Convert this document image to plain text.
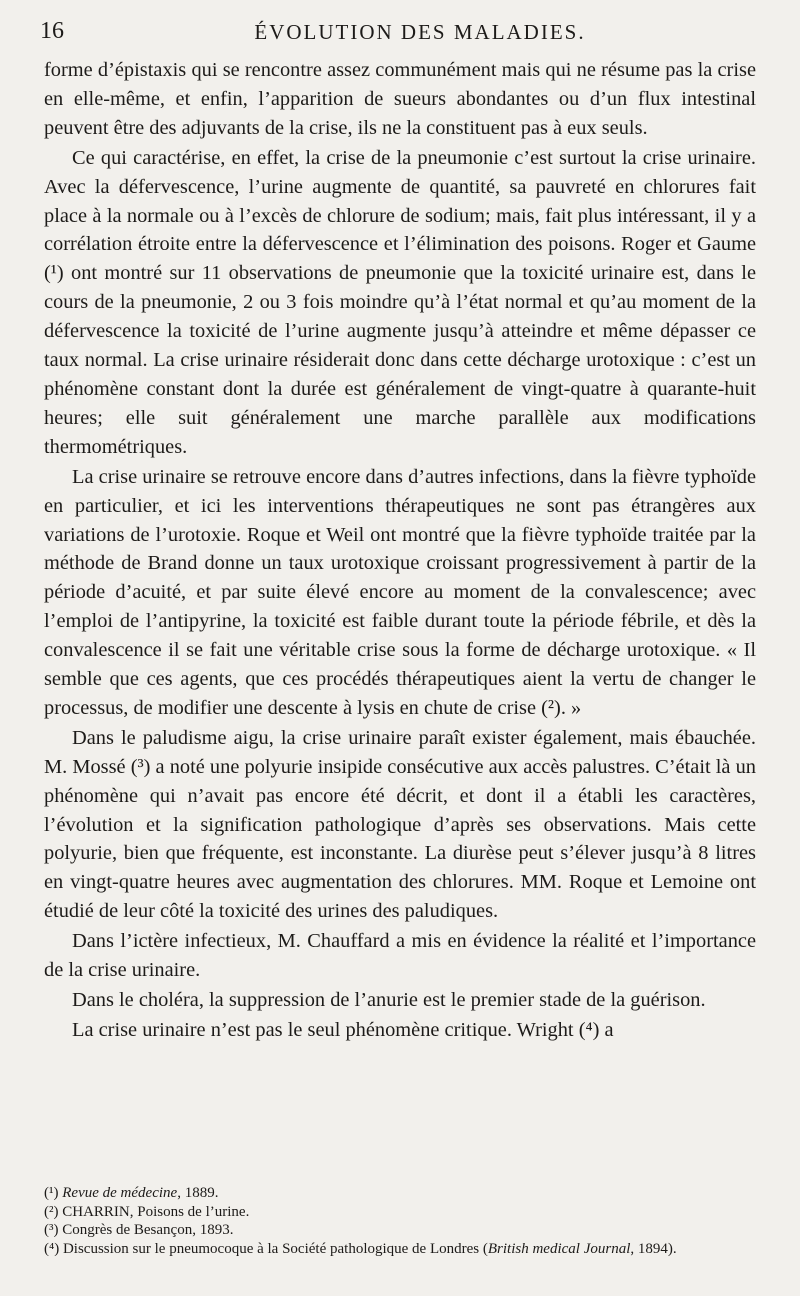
16	ÉVOLUTION DES MALADIES.

forme d’épistaxis qui se rencontre assez communément mais qui ne résume pas la crise en elle-même, et enfin, l’apparition de sueurs abondantes ou d’un flux intestinal peuvent être des adjuvants de la crise, ils ne la constituent pas à eux seuls.

Ce qui caractérise, en effet, la crise de la pneumonie c’est surtout la crise urinaire. Avec la défervescence, l’urine augmente de quantité, sa pauvreté en chlorures fait place à la normale ou à l’excès de chlorure de sodium; mais, fait plus intéressant, il y a corrélation étroite entre la défervescence et l’élimination des poisons. Roger et Gaume (¹) ont montré sur 11 observations de pneumonie que la toxicité urinaire est, dans le cours de la pneumonie, 2 ou 3 fois moindre qu’à l’état normal et qu’au moment de la défervescence la toxicité de l’urine augmente jusqu’à atteindre et même dépasser ce taux normal. La crise urinaire résiderait donc dans cette décharge urotoxique : c’est un phénomène constant dont la durée est généralement de vingt-quatre à quarante-huit heures; elle suit généralement une marche parallèle aux modifications thermométriques.

La crise urinaire se retrouve encore dans d’autres infections, dans la fièvre typhoïde en particulier, et ici les interventions thérapeutiques ne sont pas étrangères aux variations de l’urotoxie. Roque et Weil ont montré que la fièvre typhoïde traitée par la méthode de Brand donne un taux urotoxique croissant progressivement à partir de la période d’acuité, et par suite élevé encore au moment de la convalescence; avec l’emploi de l’antipyrine, la toxicité est faible durant toute la période fébrile, et dès la convalescence il se fait une véritable crise sous la forme de décharge urotoxique. « Il semble que ces agents, que ces procédés thérapeutiques aient la vertu de changer le processus, de modifier une descente à lysis en chute de crise (²). »

Dans le paludisme aigu, la crise urinaire paraît exister également, mais ébauchée. M. Mossé (³) a noté une polyurie insipide consécutive aux accès palustres. C’était là un phénomène qui n’avait pas encore été décrit, et dont il a établi les caractères, l’évolution et la signification pathologique d’après ses observations. Mais cette polyurie, bien que fréquente, est inconstante. La diurèse peut s’élever jusqu’à 8 litres en vingt-quatre heures avec augmentation des chlorures. MM. Roque et Lemoine ont étudié de leur côté la toxicité des urines des paludiques.

Dans l’ictère infectieux, M. Chauffard a mis en évidence la réalité et l’importance de la crise urinaire.

Dans le choléra, la suppression de l’anurie est le premier stade de la guérison.

La crise urinaire n’est pas le seul phénomène critique. Wright (⁴) a

(¹) Revue de médecine, 1889.

(²) CHARRIN, Poisons de l’urine.

(³) Congrès de Besançon, 1893.

(⁴) Discussion sur le pneumocoque à la Société pathologique de Londres (British medical Journal, 1894).
